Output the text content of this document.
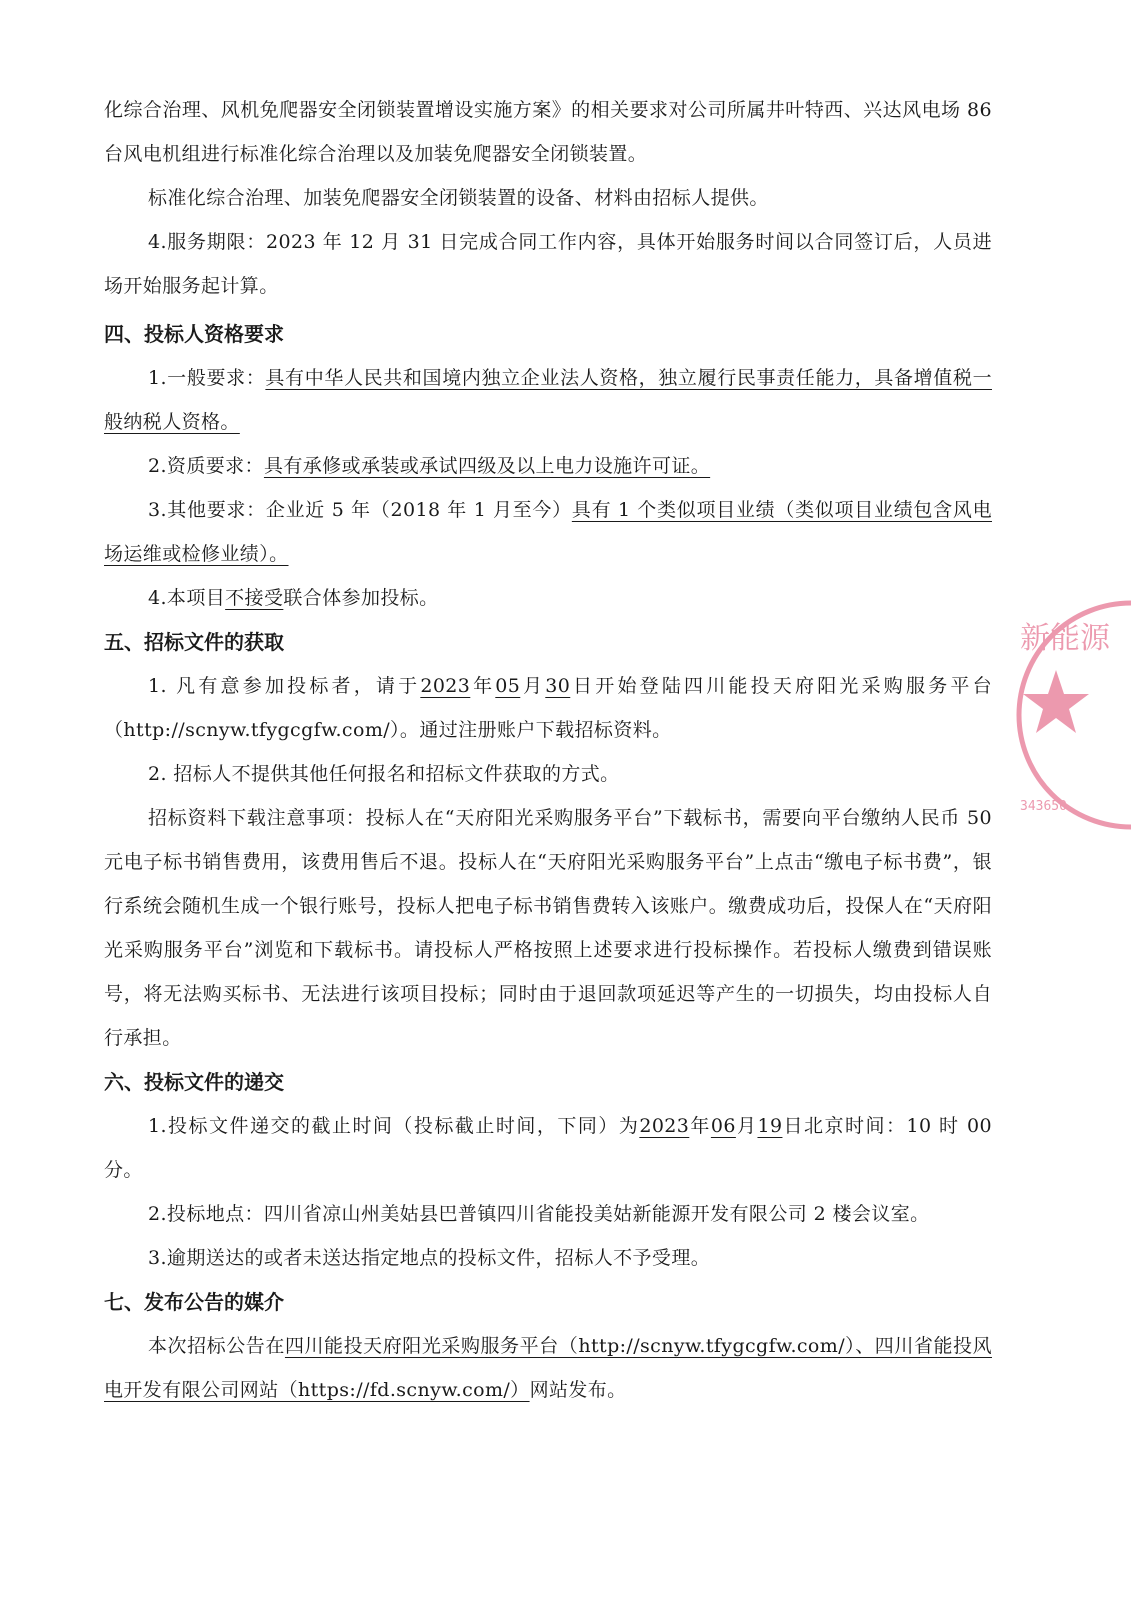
化综合治理、风机免爬器安全闭锁装置增设实施方案》的相关要求对公司所属井叶特西、兴达风电场 86 台风电机组进行标准化综合治理以及加装免爬器安全闭锁装置。

标准化综合治理、加装免爬器安全闭锁装置的设备、材料由招标人提供。

4.服务期限：2023 年 12 月 31 日完成合同工作内容，具体开始服务时间以合同签订后，人员进场开始服务起计算。

四、投标人资格要求

1.一般要求：具有中华人民共和国境内独立企业法人资格，独立履行民事责任能力，具备增值税一般纳税人资格。

2.资质要求：具有承修或承装或承试四级及以上电力设施许可证。

3.其他要求：企业近 5 年（2018 年 1 月至今）具有 1 个类似项目业绩（类似项目业绩包含风电场运维或检修业绩）。

4.本项目不接受联合体参加投标。

五、招标文件的获取

1. 凡有意参加投标者，请于2023年05月30日开始登陆四川能投天府阳光采购服务平台（http://scnyw.tfygcgfw.com/）。通过注册账户下载招标资料。

2. 招标人不提供其他任何报名和招标文件获取的方式。

招标资料下载注意事项：投标人在“天府阳光采购服务平台”下载标书，需要向平台缴纳人民币 50 元电子标书销售费用，该费用售后不退。投标人在“天府阳光采购服务平台”上点击“缴电子标书费”，银行系统会随机生成一个银行账号，投标人把电子标书销售费转入该账户。缴费成功后，投保人在“天府阳光采购服务平台”浏览和下载标书。请投标人严格按照上述要求进行投标操作。若投标人缴费到错误账号，将无法购买标书、无法进行该项目投标；同时由于退回款项延迟等产生的一切损失，均由投标人自行承担。

六、投标文件的递交

1.投标文件递交的截止时间（投标截止时间，下同）为2023年06月19日北京时间：10 时 00 分。

2.投标地点：四川省凉山州美姑县巴普镇四川省能投美姑新能源开发有限公司 2 楼会议室。

3.逾期送达的或者未送达指定地点的投标文件，招标人不予受理。

七、发布公告的媒介

本次招标公告在四川能投天府阳光采购服务平台（http://scnyw.tfygcgfw.com/）、四川省能投风电开发有限公司网站（https://fd.scnyw.com/）网站发布。

新能源
343650
